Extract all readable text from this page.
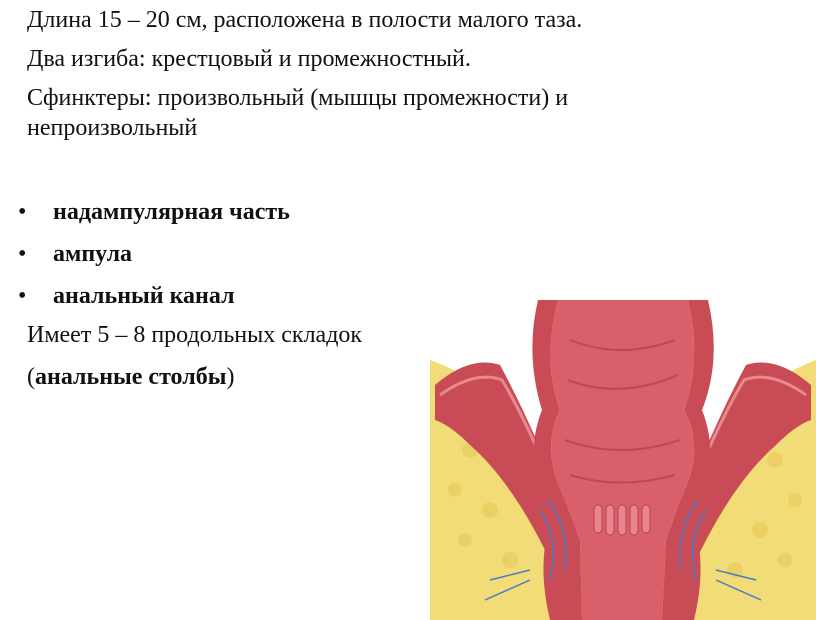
Длина 15 – 20 см, расположена в полости малого таза.

Два изгиба: крестцовый и промежностный.

Сфинктеры: произвольный (мышцы промежности) и непроизвольный

• надампулярная часть
• ампула
• анальный канал

Имеет 5 – 8 продольных складок

(анальные столбы)
